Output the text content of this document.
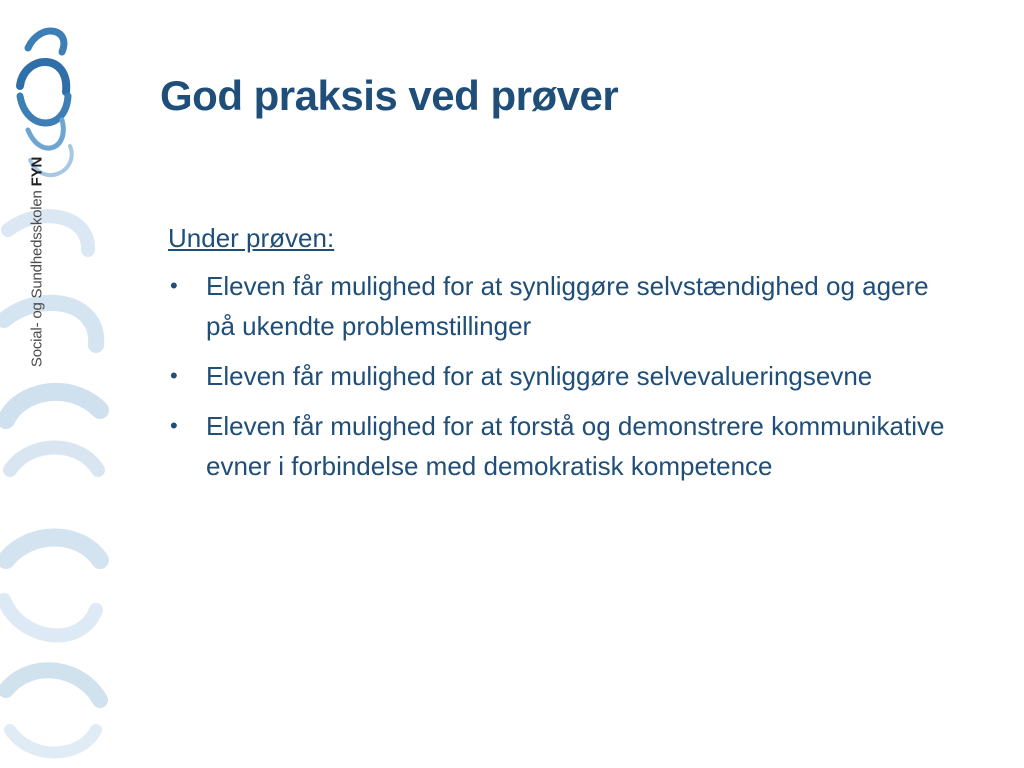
Social- og Sundhedsskolen FYN
God praksis ved prøver
Under prøven:
• Eleven får mulighed for at synliggøre selvstændighed og agere på ukendte problemstillinger
• Eleven får mulighed for at synliggøre selvevalueringsevne
• Eleven får mulighed for at forstå og demonstrere kommunikative evner i forbindelse med demokratisk kompetence
